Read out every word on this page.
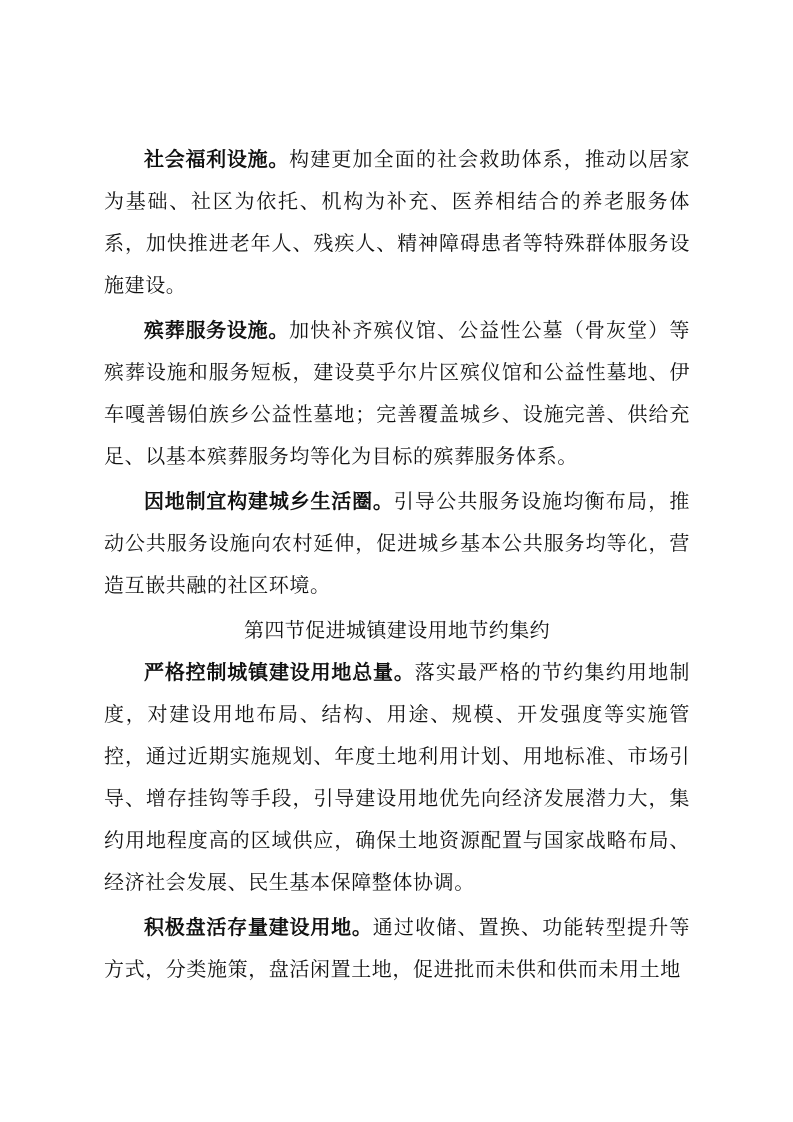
社会福利设施。构建更加全面的社会救助体系，推动以居家为基础、社区为依托、机构为补充、医养相结合的养老服务体系，加快推进老年人、残疾人、精神障碍患者等特殊群体服务设施建设。

殡葬服务设施。加快补齐殡仪馆、公益性公墓（骨灰堂）等殡葬设施和服务短板，建设莫乎尔片区殡仪馆和公益性墓地、伊车嘎善锡伯族乡公益性墓地；完善覆盖城乡、设施完善、供给充足、以基本殡葬服务均等化为目标的殡葬服务体系。

因地制宜构建城乡生活圈。引导公共服务设施均衡布局，推动公共服务设施向农村延伸，促进城乡基本公共服务均等化，营造互嵌共融的社区环境。

第四节促进城镇建设用地节约集约

严格控制城镇建设用地总量。落实最严格的节约集约用地制度，对建设用地布局、结构、用途、规模、开发强度等实施管控，通过近期实施规划、年度土地利用计划、用地标准、市场引导、增存挂钩等手段，引导建设用地优先向经济发展潜力大，集约用地程度高的区域供应，确保土地资源配置与国家战略布局、经济社会发展、民生基本保障整体协调。

积极盘活存量建设用地。通过收储、置换、功能转型提升等方式，分类施策，盘活闲置土地，促进批而未供和供而未用土地
